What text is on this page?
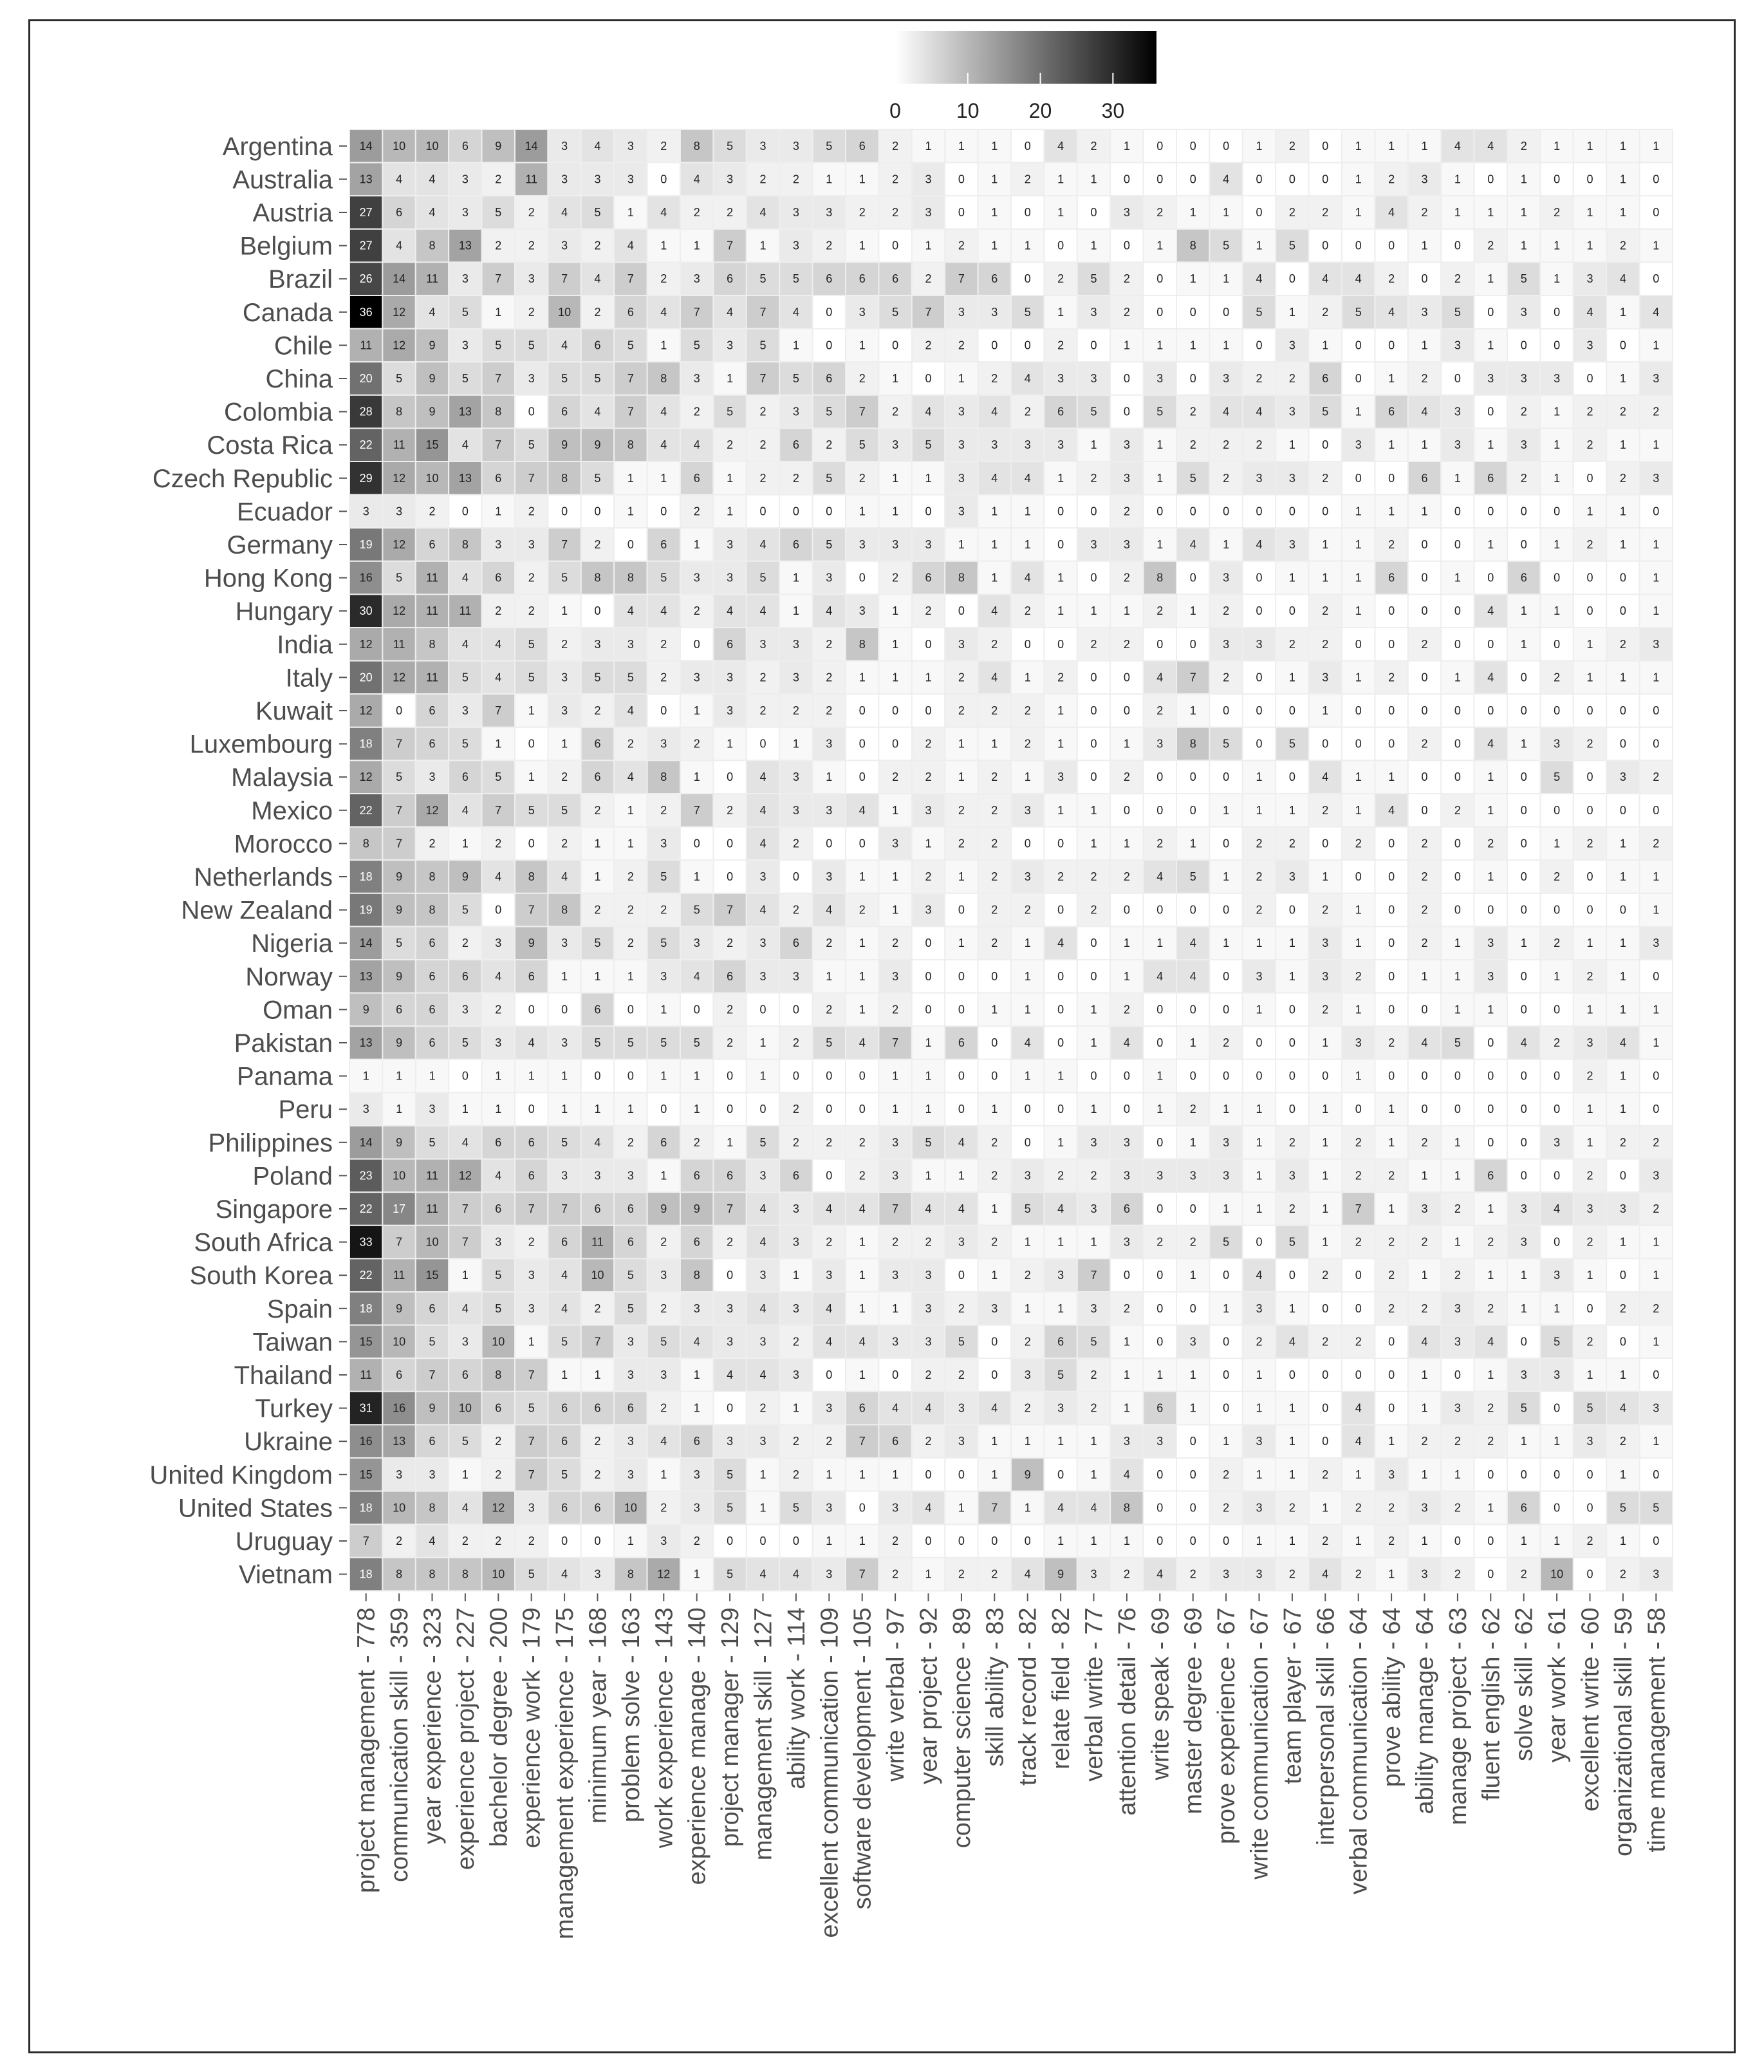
0	10 20 30
Argentina
Australia
Austria
Belgium
Brazil
Canada
Chile
China
Colombia
Costa Rica
Czech Republic
Ecuador
Germany
Hong Kong
Hungary
India
Italy
Kuwait
Luxembourg
Malaysia
Mexico
Morocco
Netherlands
New Zealand
Nigeria
Norway
Oman
Pakistan
Panama
Peru
Philippines
Poland
Singapore
South Africa
South Korea
Spain
Taiwan
Thailand
Turkey
Ukraine
United Kingdom
United States
Uruguay
Vietnam
14 10 10 6 9 14 3 4 3 2 8 5 3 3 5 6 2 1 1 1 0 4 2 1 0 0 0 1 2 0 1 1 1 4 4 2 1 1 1 1
13 4 4 3 2 11 3 3 3 0 4 3 2 2 1 1 2 3 0 1 2 1 1 0 0 0 4 0 0 0 1 2 3 1 0 1 0 0 1 0
27 6 4 3 5 2 4 5 1 4 2 2 4 3 3 2 2 3 0 1 0 1 0 3 2 1 1 0 2 2 1 4 2 1 1 1 2 1 1 0
27 4 8 13 2 2 3 2 4 1 1 7 1 3 2 1 0 1 2 1 1 0 1 0 1 8 5 1 5 0 0 0 1 0 2 1 1 1 2 1
26 14 11 3 7 3 7 4 7 2 3 6 5 5 6 6 6 2 7 6 0 2 5 2 0 1 1 4 0 4 4 2 0 2 1 5 1 3 4 0
36 12 4 5 1 2 10 2 6 4 7 4 7 4 0 3 5 7 3 3 5 1 3 2 0 0 0 5 1 2 5 4 3 5 0 3 0 4 1 4
11 12 9 3 5 5 4 6 5 1 5 3 5 1 0 1 0 2 2 0 0 2 0 1 1 1 1 0 3 1 0 0 1 3 1 0 0 3 0 1
20 5 9 5 7 3 5 5 7 8 3 1 7 5 6 2 1 0 1 2 4 3 3 0 3 0 3 2 2 6 0 1 2 0 3 3 3 0 1 3
28 8 9 13 8 0 6 4 7 4 2 5 2 3 5 7 2 4 3 4 2 6 5 0 5 2 4 4 3 5 1 6 4 3 0 2 1 2 2 2
22 11 15 4 7 5 9 9 8 4 4 2 2 6 2 5 3 5 3 3 3 3 1 3 1 2 2 2 1 0 3 1 1 3 1 3 1 2 1 1
29 12 10 13 6 7 8 5 1 1 6 1 2 2 5 2 1 1 3 4 4 1 2 3 1 5 2 3 3 2 0 0 6 1 6 2 1 0 2 3
3 3 2 0 1 2 0 0 1 0 2 1 0 0 0 1 1 0 3 1 1 0 0 2 0 0 0 0 0 0 1 1 1 0 0 0 0 1 1 0
19 12 6 8 3 3 7 2 0 6 1 3 4 6 5 3 3 3 1 1 1 0 3 3 1 4 1 4 3 1 1 2 0 0 1 0 1 2 1 1
16 5 11 4 6 2 5 8 8 5 3 3 5 1 3 0 2 6 8 1 4 1 0 2 8 0 3 0 1 1 1 6 0 1 0 6 0 0 0 1
30 12 11 11 2 2 1 0 4 4 2 4 4 1 4 3 1 2 0 4 2 1 1 1 2 1 2 0 0 2 1 0 0 0 4 1 1 0 0 1
12 11 8 4 4 5 2 3 3 2 0 6 3 3 2 8 1 0 3 2 0 0 2 2 0 0 3 3 2 2 0 0 2 0 0 1 0 1 2 3
20 12 11 5 4 5 3 5 5 2 3 3 2 3 2 1 1 1 2 4 1 2 0 0 4 7 2 0 1 3 1 2 0 1 4 0 2 1 1 1
12 0 6 3 7 1 3 2 4 0 1 3 2 2 2 0 0 0 2 2 2 1 0 0 2 1 0 0 0 1 0 0 0 0 0 0 0 0 0 0
18 7 6 5 1 0 1 6 2 3 2 1 0 1 3 0 0 2 1 1 2 1 0 1 3 8 5 0 5 0 0 0 2 0 4 1 3 2 0 0
12 5 3 6 5 1 2 6 4 8 1 0 4 3 1 0 2 2 1 2 1 3 0 2 0 0 0 1 0 4 1 1 0 0 1 0 5 0 3 2
22 7 12 4 7 5 5 2 1 2 7 2 4 3 3 4 1 3 2 2 3 1 1 0 0 0 1 1 1 2 1 4 0 2 1 0 0 0 0 0
8 7 2 1 2 0 2 1 1 3 0 0 4 2 0 0 3 1 2 2 0 0 1 1 2 1 0 2 2 0 2 0 2 0 2 0 1 2 1 2
18 9 8 9 4 8 4 1 2 5 1 0 3 0 3 1 1 2 1 2 3 2 2 2 4 5 1 2 3 1 0 0 2 0 1 0 2 0 1 1
19 9 8 5 0 7 8 2 2 2 5 7 4 2 4 2 1 3 0 2 2 0 2 0 0 0 0 2 0 2 1 0 2 0 0 0 0 0 0 1
14 5 6 2 3 9 3 5 2 5 3 2 3 6 2 1 2 0 1 2 1 4 0 1 1 4 1 1 1 3 1 0 2 1 3 1 2 1 1 3
13 9 6 6 4 6 1 1 1 3 4 6 3 3 1 1 3 0 0 0 1 0 0 1 4 4 0 3 1 3 2 0 1 1 3 0 1 2 1 0
9 6 6 3 2 0 0 6 0 1 0 2 0 0 2 1 2 0 0 1 1 0 1 2 0 0 0 1 0 2 1 0 0 1 1 0 0 1 1 1
13 9 6 5 3 4 3 5 5 5 5 2 1 2 5 4 7 1 6 0 4 0 1 4 0 1 2 0 0 1 3 2 4 5 0 4 2 3 4 1
1 1 1 0 1 1 1 0 0 1 1 0 1 0 0 0 1 1 0 0 1 1 0 0 1 0 0 0 0 0 1 0 0 0 0 0 0 2 1 0
3 1 3 1 1 0 1 1 1 0 1 0 0 2 0 0 1 1 0 1 0 0 1 0 1 2 1 1 0 1 0 1 0 0 0 0 0 1 1 0
14 9 5 4 6 6 5 4 2 6 2 1 5 2 2 2 3 5 4 2 0 1 3 3 0 1 3 1 2 1 2 1 2 1 0 0 3 1 2 2
23 10 11 12 4 6 3 3 3 1 6 6 3 6 0 2 3 1 1 2 3 2 2 3 3 3 3 1 3 1 2 2 1 1 6 0 0 2 0 3
22 17 11 7 6 7 7 6 6 9 9 7 4 3 4 4 7 4 4 1 5 4 3 6 0 0 1 1 2 1 7 1 3 2 1 3 4 3 3 2
33 7 10 7 3 2 6 11 6 2 6 2 4 3 2 1 2 2 3 2 1 1 1 3 2 2 5 0 5 1 2 2 2 1 2 3 0 2 1 1
22 11 15 1 5 3 4 10 5 3 8 0 3 1 3 1 3 3 0 1 2 3 7 0 0 1 0 4 0 2 0 2 1 2 1 1 3 1 0 1
18 9 6 4 5 3 4 2 5 2 3 3 4 3 4 1 1 3 2 3 1 1 3 2 0 0 1 3 1 0 0 2 2 3 2 1 1 0 2 2
15 10 5 3 10 1 5 7 3 5 4 3 3 2 4 4 3 3 5 0 2 6 5 1 0 3 0 2 4 2 2 0 4 3 4 0 5 2 0 1
11 6 7 6 8 7 1 1 3 3 1 4 4 3 0 1 0 2 2 0 3 5 2 1 1 1 0 1 0 0 0 0 1 0 1 3 3 1 1 0
31 16 9 10 6 5 6 6 6 2 1 0 2 1 3 6 4 4 3 4 2 3 2 1 6 1 0 1 1 0 4 0 1 3 2 5 0 5 4 3
16 13 6 5 2 7 6 2 3 4 6 3 3 2 2 7 6 2 3 1 1 1 1 3 3 0 1 3 1 0 4 1 2 2 2 1 1 3 2 1
15 3 3 1 2 7 5 2 3 1 3 5 1 2 1 1 1 0 0 1 9 0 1 4 0 0 2 1 1 2 1 3 1 1 0 0 0 0 1 0
18 10 8 4 12 3 6 6 10 2 3 5 1 5 3 0 3 4 1 7 1 4 4 8 0 0 2 3 2 1 2 2 3 2 1 6 0 0 5 5
7 2 4 2 2 2 0 0 1 3 2 0 0 0 1 1 2 0 0 0 0 1 1 1 0 0 0 1 1 2 1 2 1 0 0 1 1 2 1 0
18 8 8 8 10 5 4 3 8 12 1 5 4 4 3 7 2 1 2 2 4 9 3 2 4 2 3 3 2 4 2 1 3 2 0 2 10 0 2 3
project management - 778 communication skill - 359 year experience - 323 experience project - 227 bachelor degree - 200 experience work - 179 management experience - 175 minimum year - 168 problem solve - 163 work experience - 143 experience manage - 140 project manager - 129 management skill - 127 ability work - 114 excellent communication - 109 software development - 105 write verbal - 97 year project - 92 computer science - 89 skill ability - 83 track record - 82 relate field - 82 verbal write - 77 attention detail - 76 write speak - 69 master degree - 69 prove experience - 67 write communication - 67 team player - 67 interpersonal skill - 66 verbal communication - 64 prove ability - 64 ability manage - 64 manage project - 63 fluent english - 62 solve skill - 62 year work - 61 excellent write - 60 organizational skill - 59 time management - 58
